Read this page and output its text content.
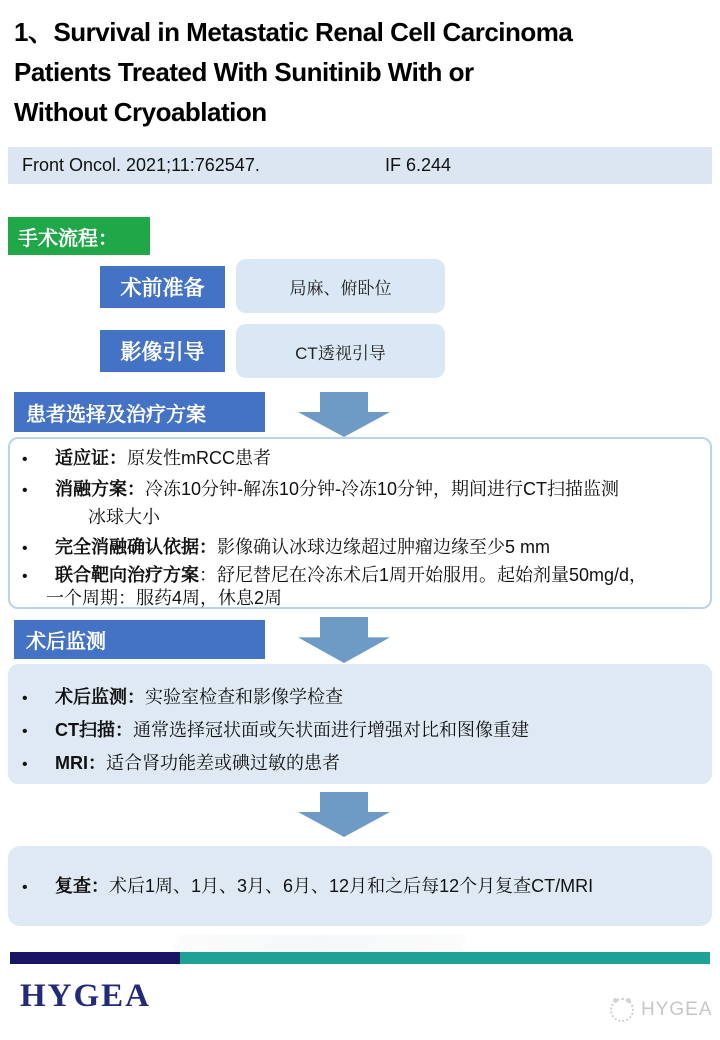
1、Survival in Metastatic Renal Cell Carcinoma
Patients Treated With Sunitinib With or
Without Cryoablation
Front Oncol. 2021;11:762547.	IF 6.244
手术流程：
术前准备	局麻、俯卧位
影像引导	CT透视引导
患者选择及治疗方案
• 适应证：原发性mRCC患者
• 消融方案：冷冻10分钟-解冻10分钟-冷冻10分钟，期间进行CT扫描监测
冰球大小
• 完全消融确认依据：影像确认冰球边缘超过肿瘤边缘至少5 mm
• 联合靶向治疗方案：舒尼替尼在冷冻术后1周开始服用。起始剂量50mg/d，
一个周期：服药4周，休息2周
术后监测
• 术后监测：实验室检查和影像学检查
• CT扫描：通常选择冠状面或矢状面进行增强对比和图像重建
• MRI：适合肾功能差或碘过敏的患者
• 复查：术后1周、1月、3月、6月、12月和之后每12个月复查CT/MRI
HYGEA	HYGEA
